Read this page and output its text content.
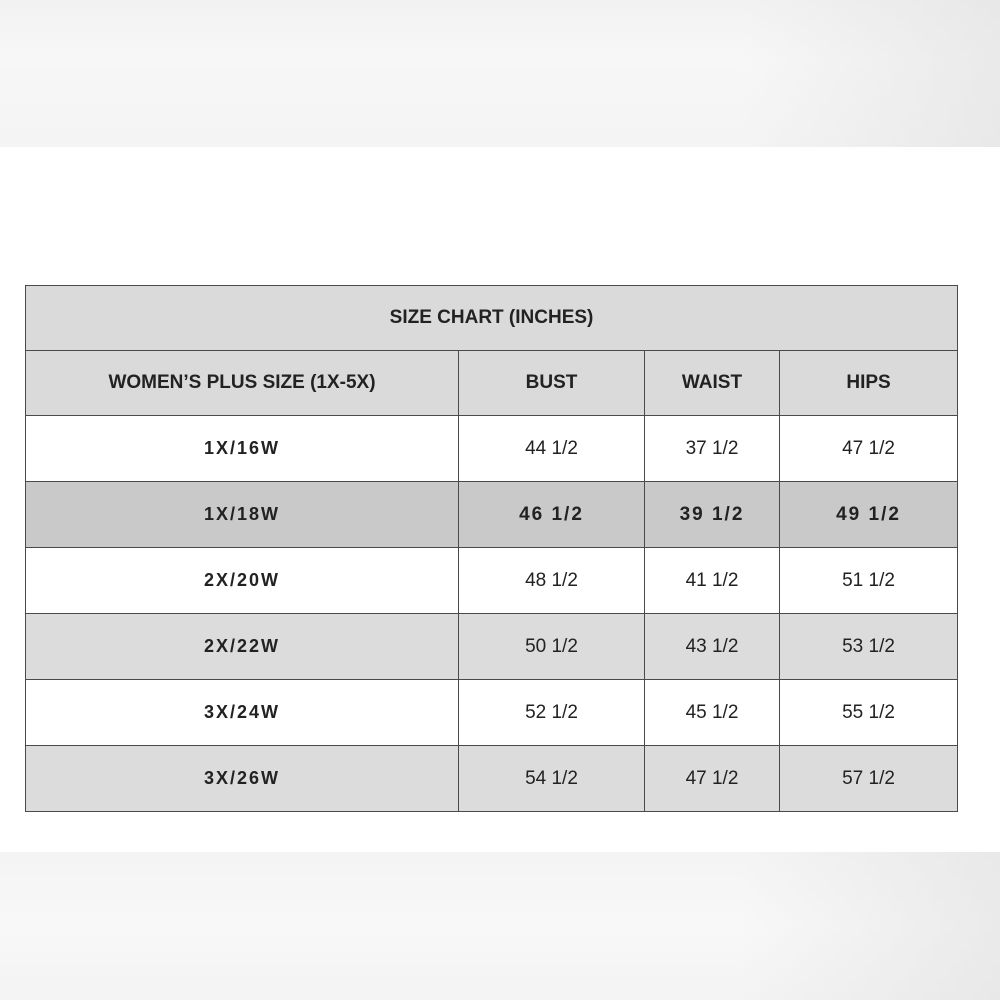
SIZE CHART (INCHES)			
WOMEN’S PLUS SIZE (1X-5X)	BUST	WAIST	HIPS
1X/16W	44 1/2	37 1/2	47 1/2
1X/18W	46 1/2	39 1/2	49 1/2
2X/20W	48 1/2	41 1/2	51 1/2
2X/22W	50 1/2	43 1/2	53 1/2
3X/24W	52 1/2	45 1/2	55 1/2
3X/26W	54 1/2	47 1/2	57 1/2
